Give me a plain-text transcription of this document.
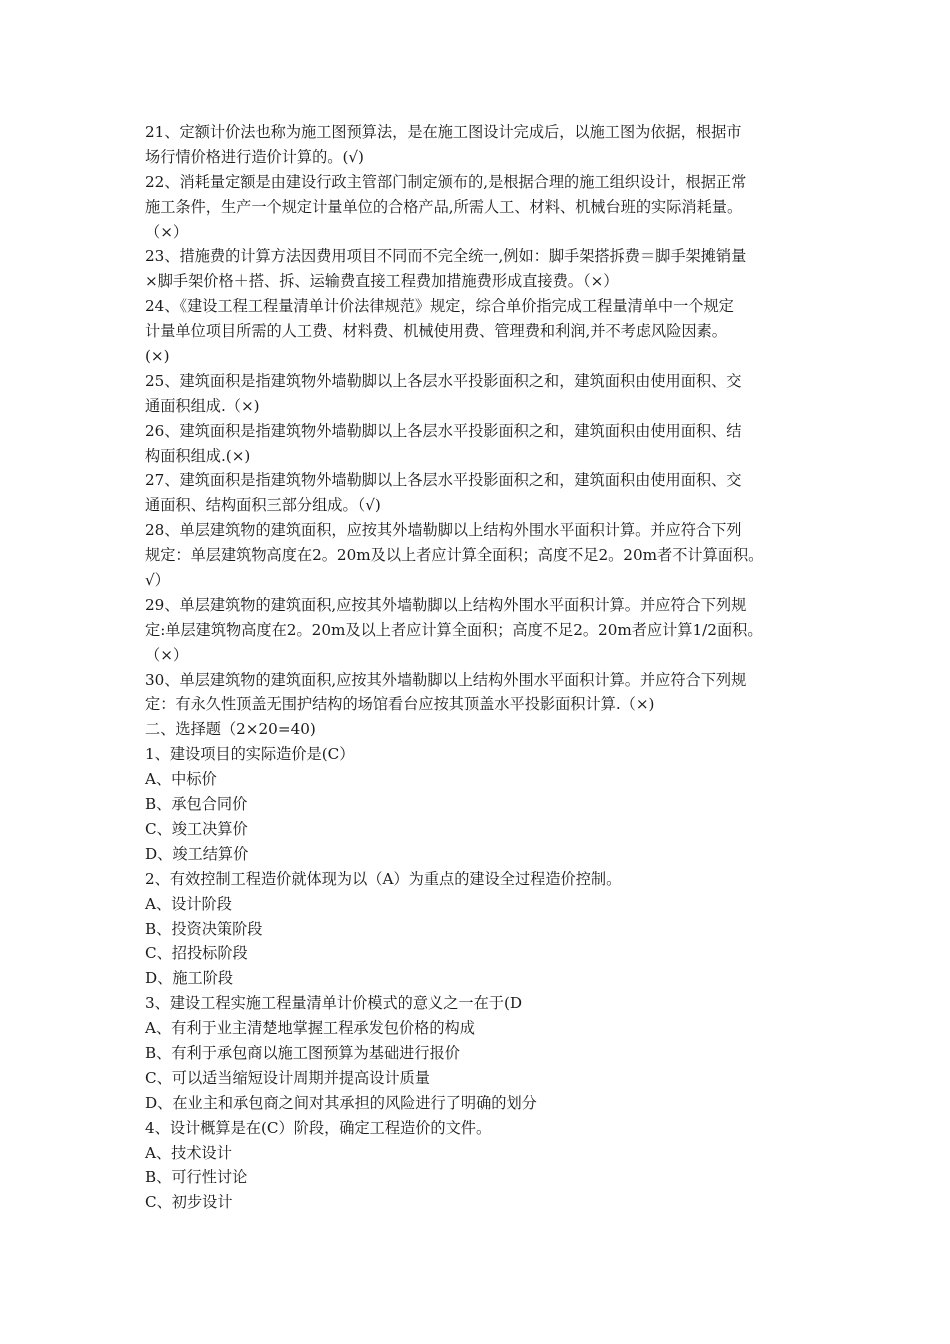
21、定额计价法也称为施工图预算法，是在施工图设计完成后，以施工图为依据，根据市
场行情价格进行造价计算的。(√)
22、消耗量定额是由建设行政主管部门制定颁布的,是根据合理的施工组织设计，根据正常
施工条件，生产一个规定计量单位的合格产品,所需人工、材料、机械台班的实际消耗量。
（×）
23、措施费的计算方法因费用项目不同而不完全统一,例如：脚手架搭拆费＝脚手架摊销量
×脚手架价格＋搭、拆、运输费直接工程费加措施费形成直接费。（×）
24、《建设工程工程量清单计价法律规范》规定，综合单价指完成工程量清单中一个规定
计量单位项目所需的人工费、材料费、机械使用费、管理费和利润,并不考虑风险因素。
(×)
25、建筑面积是指建筑物外墙勒脚以上各层水平投影面积之和，建筑面积由使用面积、交
通面积组成.（×)
26、建筑面积是指建筑物外墙勒脚以上各层水平投影面积之和，建筑面积由使用面积、结
构面积组成.(×)
27、建筑面积是指建筑物外墙勒脚以上各层水平投影面积之和，建筑面积由使用面积、交
通面积、结构面积三部分组成。（√)
28、单层建筑物的建筑面积，应按其外墙勒脚以上结构外围水平面积计算。并应符合下列
规定：单层建筑物高度在2。20m及以上者应计算全面积；高度不足2。20m者不计算面积。
√）
29、单层建筑物的建筑面积,应按其外墙勒脚以上结构外围水平面积计算。并应符合下列规
定:单层建筑物高度在2。20m及以上者应计算全面积；高度不足2。20m者应计算1/2面积。
（×）
30、单层建筑物的建筑面积,应按其外墙勒脚以上结构外围水平面积计算。并应符合下列规
定：有永久性顶盖无围护结构的场馆看台应按其顶盖水平投影面积计算.（×)
二、选择题（2×20=40)
1、建设项目的实际造价是(C）
A、中标价
B、承包合同价
C、竣工决算价
D、竣工结算价
2、有效控制工程造价就体现为以（A）为重点的建设全过程造价控制。
A、设计阶段
B、投资决策阶段
C、招投标阶段
D、施工阶段
3、建设工程实施工程量清单计价模式的意义之一在于(D
A、有利于业主清楚地掌握工程承发包价格的构成
B、有利于承包商以施工图预算为基础进行报价
C、可以适当缩短设计周期并提高设计质量
D、在业主和承包商之间对其承担的风险进行了明确的划分
4、设计概算是在(C）阶段，确定工程造价的文件。
A、技术设计
B、可行性讨论
C、初步设计
